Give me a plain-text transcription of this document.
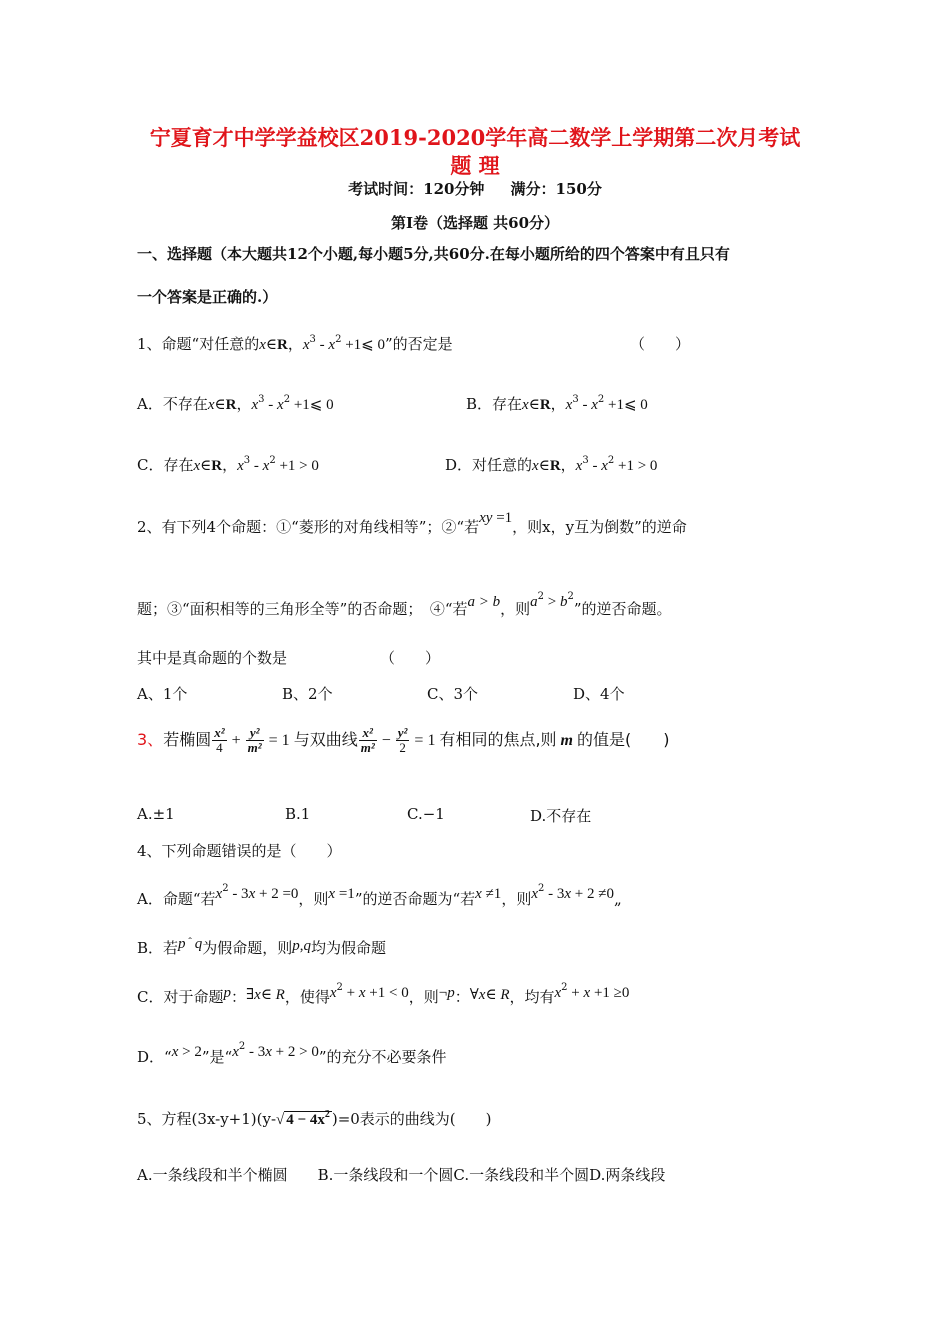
宁夏育才中学学益校区2019-2020学年高二数学上学期第二次月考试
题 理
考试时间：120分钟     满分：150分
第Ⅰ卷（选择题 共60分）
一、选择题（本大题共12个小题,每小题5分,共60分.在每小题所给的四个答案中有且只有
一个答案是正确的.）
1、命题“对任意的x∈R，$x^3 - x^2$ +1⩽ 0”的否定是	（　　）
A．不存在x∈R，$x^3 - x^2$ +1⩽ 0	B．存在x∈R，$x^3 - x^2$ +1⩽ 0
C．存在x∈R，$x^3 - x^2 +1 > 0$	D．对任意的x∈R，$x^3 - x^2 +1 > 0$
2、有下列4个命题：①“菱形的对角线相等”；②“若xy =1，则x，y互为倒数”的逆命
题；③“面积相等的三角形全等”的否命题；　④“若a > b，则$a^2 > b^2$”的逆否命题。
其中是真命题的个数是	（　　）
A、1个	B、2个	C、3个	D、4个
3、若椭圆 $\frac{\text{x²}}{4} + \frac{\text{y²}}{\text{m²}} = 1$ 与双曲线 $\frac{\text{x²}}{\text{m²}} - \frac{\text{y²}}{2} = 1$ 有相同的焦点,则 m 的值是(　　)
A.±1	B.1	C.−1	D.不存在
4、下列命题错误的是（　　）
A．命题“若$x^2 - 3x + 2 =0$，则x =1”的逆否命题为“若x ≠1，则$x^2 - 3x + 2$ ≠0„
B．若p $^ˆ$ q为假命题，则p,q均为假命题
C．对于命题p：∃x∈ R，使得$x^2 + x +1 < 0$，则¬p：∀x∈ R，均有$x^2 + x +1 \ge 0$
D．“x > 2”是“$x^2 - 3x + 2 > 0$”的充分不必要条件
5、方程(3x-y+1)(y-√ $4 - 4x^2$ )=0表示的曲线为(　　)
A.一条线段和半个椭圆　　B.一条线段和一个圆C.一条线段和半个圆D.两条线段
